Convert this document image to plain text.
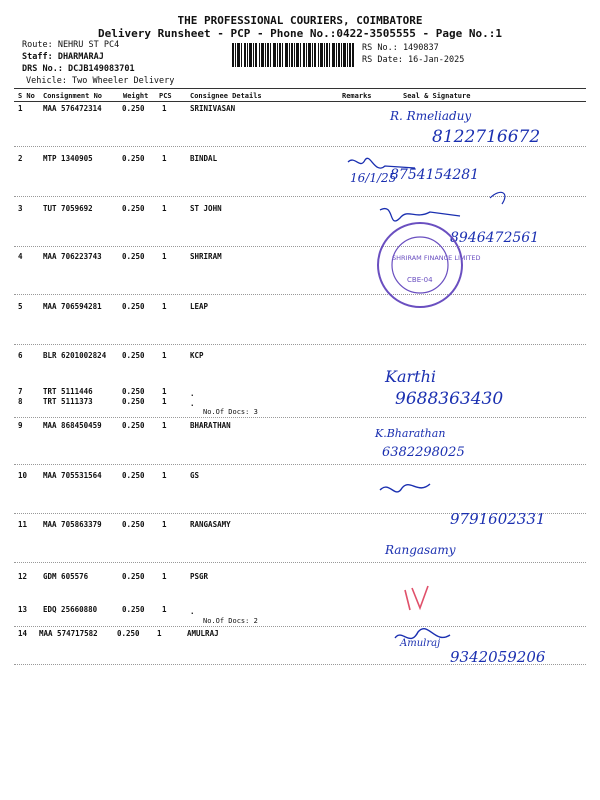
THE PROFESSIONAL COURIERS, COIMBATORE
Delivery Runsheet - PCP - Phone No.:0422-3505555 - Page No.:1
Route: NEHRU ST PC4
Staff: DHARMARAJ
DRS No.: DCJB149083701
Vehicle: Two Wheeler Delivery
RS No.: 1490837
RS Date: 16-Jan-2025
S No Consignment No	Weight PCS	Consignee Details	Remarks	Seal & Signature
1	MAA 576472314	0.250 1	SRINIVASAN
2	MTP 1340905	0.250 1	BINDAL
3	TUT 7059692	0.250 1	ST JOHN
4	MAA 706223743	0.250 1	SHRIRAM
5	MAA 706594281	0.250 1	LEAP
6	BLR 6201002824 0.250 1	KCP
7	TRT 5111446	0.250 1	.
8	TRT 5111373	0.250 1	.
No.Of Docs: 3
9	MAA 868450459	0.250 1	BHARATHAN
10 MAA 705531564	0.250 1	GS
11 MAA 705863379	0.250 1	RANGASAMY
12 GDM 605576	0.250 1	PSGR
13 EDQ 25660880	0.250 1	.
No.Of Docs: 2
14 MAA 574717582	0.250 1	AMULRAJ
R. Rmeliaduy
8122716672
16/1/25
8754154281
8946472561
Karthi
9688363430
K.Bharathan
6382298025
9791602331
Rangasamy
Amulraj
9342059206
SHRIRAM FINANCE LIMITED
CBE-04
